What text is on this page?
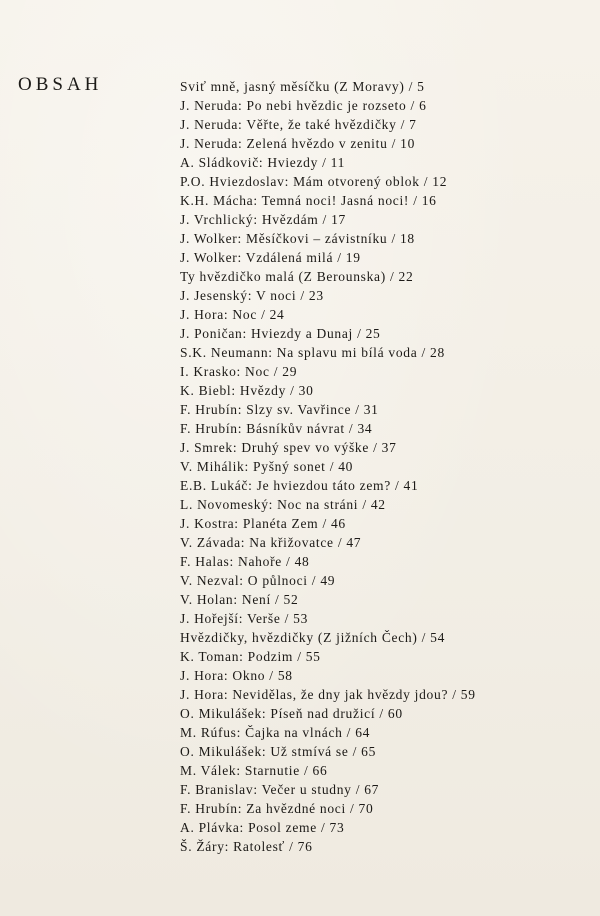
OBSAH	Sviť mně, jasný měsíčku (Z Moravy) / 5
J. Neruda: Po nebi hvězdic je rozseto / 6
J. Neruda: Věřte, že také hvězdičky / 7
J. Neruda: Zelená hvězdo v zenitu / 10
A. Sládkovič: Hviezdy / 11
P.O. Hviezdoslav: Mám otvorený oblok / 12
K.H. Mácha: Temná noci! Jasná noci! / 16
J. Vrchlický: Hvězdám / 17
J. Wolker: Měsíčkovi – závistníku / 18
J. Wolker: Vzdálená milá / 19
Ty hvězdičko malá (Z Berounska) / 22
J. Jesenský: V noci / 23
J. Hora: Noc / 24
J. Poničan: Hviezdy a Dunaj / 25
S.K. Neumann: Na splavu mi bílá voda / 28
I. Krasko: Noc / 29
K. Biebl: Hvězdy / 30
F. Hrubín: Slzy sv. Vavřince / 31
F. Hrubín: Básníkův návrat / 34
J. Smrek: Druhý spev vo výške / 37
V. Mihálik: Pyšný sonet / 40
E.B. Lukáč: Je hviezdou táto zem? / 41
L. Novomeský: Noc na stráni / 42
J. Kostra: Planéta Zem / 46
V. Závada: Na křižovatce / 47
F. Halas: Nahoře / 48
V. Nezval: O půlnoci / 49
V. Holan: Není / 52
J. Hořejší: Verše / 53
Hvězdičky, hvězdičky (Z jižních Čech) / 54
K. Toman: Podzim / 55
J. Hora: Okno / 58
J. Hora: Nevidělas, že dny jak hvězdy jdou? / 59
O. Mikulášek: Píseň nad družicí / 60
M. Rúfus: Čajka na vlnách / 64
O. Mikulášek: Už stmívá se / 65
M. Válek: Starnutie / 66
F. Branislav: Večer u studny / 67
F. Hrubín: Za hvězdné noci / 70
A. Plávka: Posol zeme / 73
Š. Žáry: Ratolesť / 76
